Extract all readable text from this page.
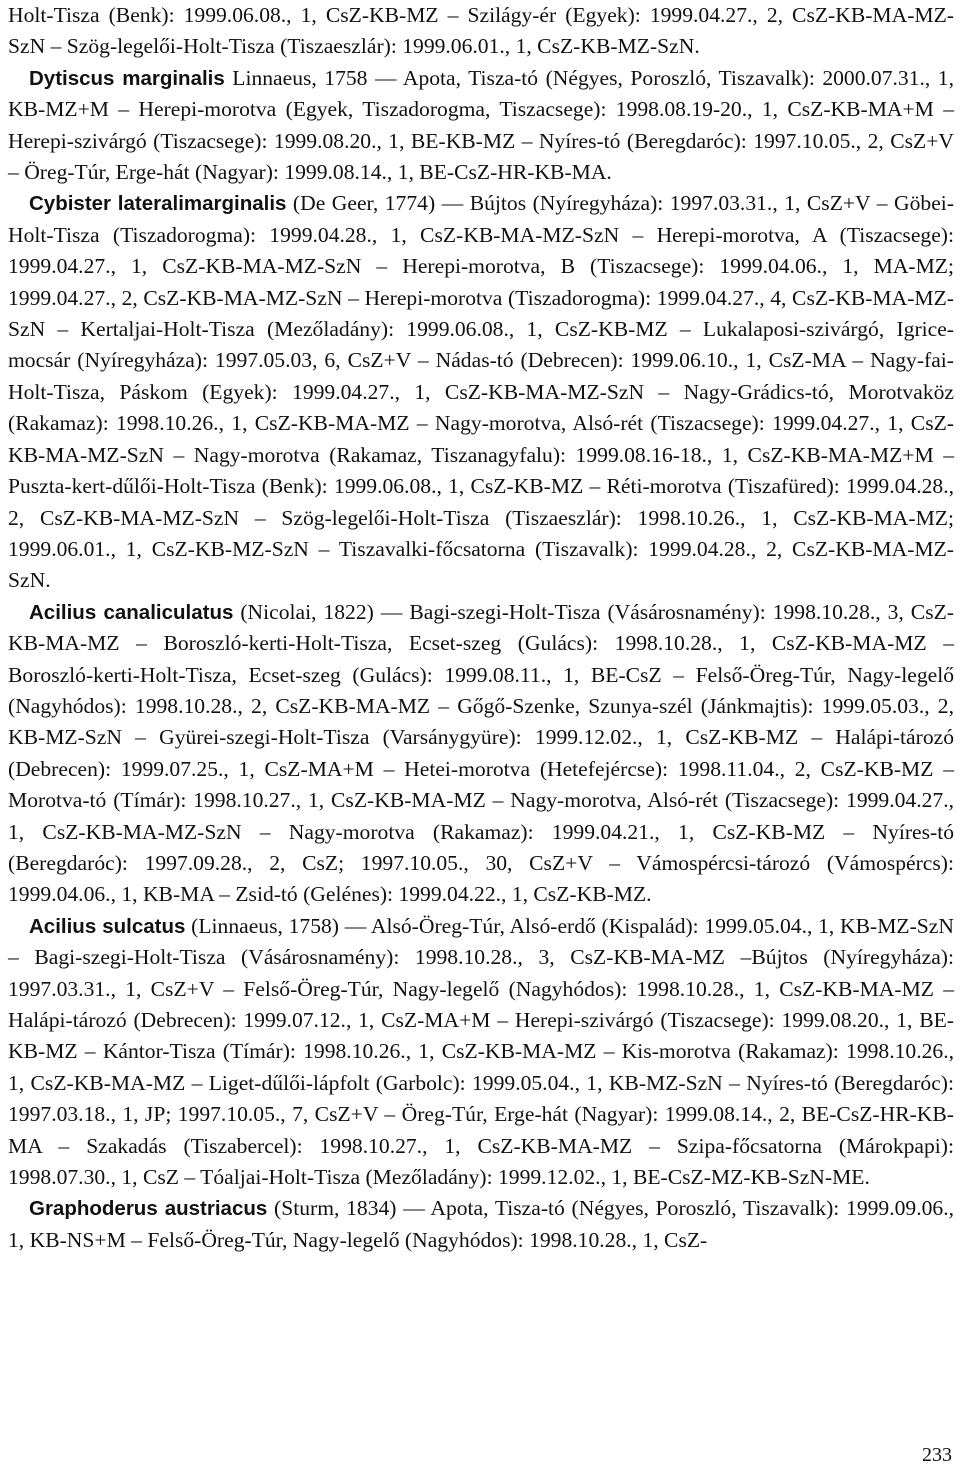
Holt-Tisza (Benk): 1999.06.08., 1, CsZ-KB-MZ – Szilágy-ér (Egyek): 1999.04.27., 2, CsZ-KB-MA-MZ-SzN – Szög-legelői-Holt-Tisza (Tiszaeszlár): 1999.06.01., 1, CsZ-KB-MZ-SzN.

Dytiscus marginalis Linnaeus, 1758 — Apota, Tisza-tó (Négyes, Poroszló, Tiszavalk): 2000.07.31., 1, KB-MZ+M – Herepi-morotva (Egyek, Tiszadorogma, Tiszacsege): 1998.08.19-20., 1, CsZ-KB-MA+M – Herepi-szivárgó (Tiszacsege): 1999.08.20., 1, BE-KB-MZ – Nyíres-tó (Beregdaróc): 1997.10.05., 2, CsZ+V – Öreg-Túr, Erge-hát (Nagyar): 1999.08.14., 1, BE-CsZ-HR-KB-MA.

Cybister lateralimarginalis (De Geer, 1774) — Bújtos (Nyíregyháza): 1997.03.31., 1, CsZ+V – Göbei-Holt-Tisza (Tiszadorogma): 1999.04.28., 1, CsZ-KB-MA-MZ-SzN – Herepi-morotva, A (Tiszacsege): 1999.04.27., 1, CsZ-KB-MA-MZ-SzN – Herepi-morotva, B (Tiszacsege): 1999.04.06., 1, MA-MZ; 1999.04.27., 2, CsZ-KB-MA-MZ-SzN – Herepi-morotva (Tiszadorogma): 1999.04.27., 4, CsZ-KB-MA-MZ-SzN – Kertaljai-Holt-Tisza (Mezőladány): 1999.06.08., 1, CsZ-KB-MZ – Lukalaposi-szivárgó, Igrice-mocsár (Nyíregyháza): 1997.05.03, 6, CsZ+V – Nádas-tó (Debrecen): 1999.06.10., 1, CsZ-MA – Nagy-fai-Holt-Tisza, Páskom (Egyek): 1999.04.27., 1, CsZ-KB-MA-MZ-SzN – Nagy-Grádics-tó, Morotvaköz (Rakamaz): 1998.10.26., 1, CsZ-KB-MA-MZ – Nagy-morotva, Alsó-rét (Tiszacsege): 1999.04.27., 1, CsZ-KB-MA-MZ-SzN – Nagy-morotva (Rakamaz, Tiszanagyfalu): 1999.08.16-18., 1, CsZ-KB-MA-MZ+M – Puszta-kert-dűlői-Holt-Tisza (Benk): 1999.06.08., 1, CsZ-KB-MZ – Réti-morotva (Tiszafüred): 1999.04.28., 2, CsZ-KB-MA-MZ-SzN – Szög-legelői-Holt-Tisza (Tiszaeszlár): 1998.10.26., 1, CsZ-KB-MA-MZ; 1999.06.01., 1, CsZ-KB-MZ-SzN – Tiszavalki-főcsatorna (Tiszavalk): 1999.04.28., 2, CsZ-KB-MA-MZ-SzN.

Acilius canaliculatus (Nicolai, 1822) — Bagi-szegi-Holt-Tisza (Vásárosnamény): 1998.10.28., 3, CsZ-KB-MA-MZ – Boroszló-kerti-Holt-Tisza, Ecset-szeg (Gulács): 1998.10.28., 1, CsZ-KB-MA-MZ – Boroszló-kerti-Holt-Tisza, Ecset-szeg (Gulács): 1999.08.11., 1, BE-CsZ – Felső-Öreg-Túr, Nagy-legelő (Nagyhódos): 1998.10.28., 2, CsZ-KB-MA-MZ – Gőgő-Szenke, Szunya-szél (Jánkmajtis): 1999.05.03., 2, KB-MZ-SzN – Gyürei-szegi-Holt-Tisza (Varsánygyüre): 1999.12.02., 1, CsZ-KB-MZ – Halápi-tározó (Debrecen): 1999.07.25., 1, CsZ-MA+M – Hetei-morotva (Hetefejércse): 1998.11.04., 2, CsZ-KB-MZ – Morotva-tó (Tímár): 1998.10.27., 1, CsZ-KB-MA-MZ – Nagy-morotva, Alsó-rét (Tiszacsege): 1999.04.27., 1, CsZ-KB-MA-MZ-SzN – Nagy-morotva (Rakamaz): 1999.04.21., 1, CsZ-KB-MZ – Nyíres-tó (Beregdaróc): 1997.09.28., 2, CsZ; 1997.10.05., 30, CsZ+V – Vámospércsi-tározó (Vámospércs): 1999.04.06., 1, KB-MA – Zsid-tó (Gelénes): 1999.04.22., 1, CsZ-KB-MZ.

Acilius sulcatus (Linnaeus, 1758) — Alsó-Öreg-Túr, Alsó-erdő (Kispalád): 1999.05.04., 1, KB-MZ-SzN – Bagi-szegi-Holt-Tisza (Vásárosnamény): 1998.10.28., 3, CsZ-KB-MA-MZ –Bújtos (Nyíregyháza): 1997.03.31., 1, CsZ+V – Felső-Öreg-Túr, Nagy-legelő (Nagyhódos): 1998.10.28., 1, CsZ-KB-MA-MZ – Halápi-tározó (Debrecen): 1999.07.12., 1, CsZ-MA+M – Herepi-szivárgó (Tiszacsege): 1999.08.20., 1, BE-KB-MZ – Kántor-Tisza (Tímár): 1998.10.26., 1, CsZ-KB-MA-MZ – Kis-morotva (Rakamaz): 1998.10.26., 1, CsZ-KB-MA-MZ – Liget-dűlői-lápfolt (Garbolc): 1999.05.04., 1, KB-MZ-SzN – Nyíres-tó (Beregdaróc): 1997.03.18., 1, JP; 1997.10.05., 7, CsZ+V – Öreg-Túr, Erge-hát (Nagyar): 1999.08.14., 2, BE-CsZ-HR-KB-MA – Szakadás (Tiszabercel): 1998.10.27., 1, CsZ-KB-MA-MZ – Szipa-főcsatorna (Márokpapi): 1998.07.30., 1, CsZ – Tóaljai-Holt-Tisza (Mezőladány): 1999.12.02., 1, BE-CsZ-MZ-KB-SzN-ME.

Graphoderus austriacus (Sturm, 1834) — Apota, Tisza-tó (Négyes, Poroszló, Tiszavalk): 1999.09.06., 1, KB-NS+M – Felső-Öreg-Túr, Nagy-legelő (Nagyhódos): 1998.10.28., 1, CsZ-

233
